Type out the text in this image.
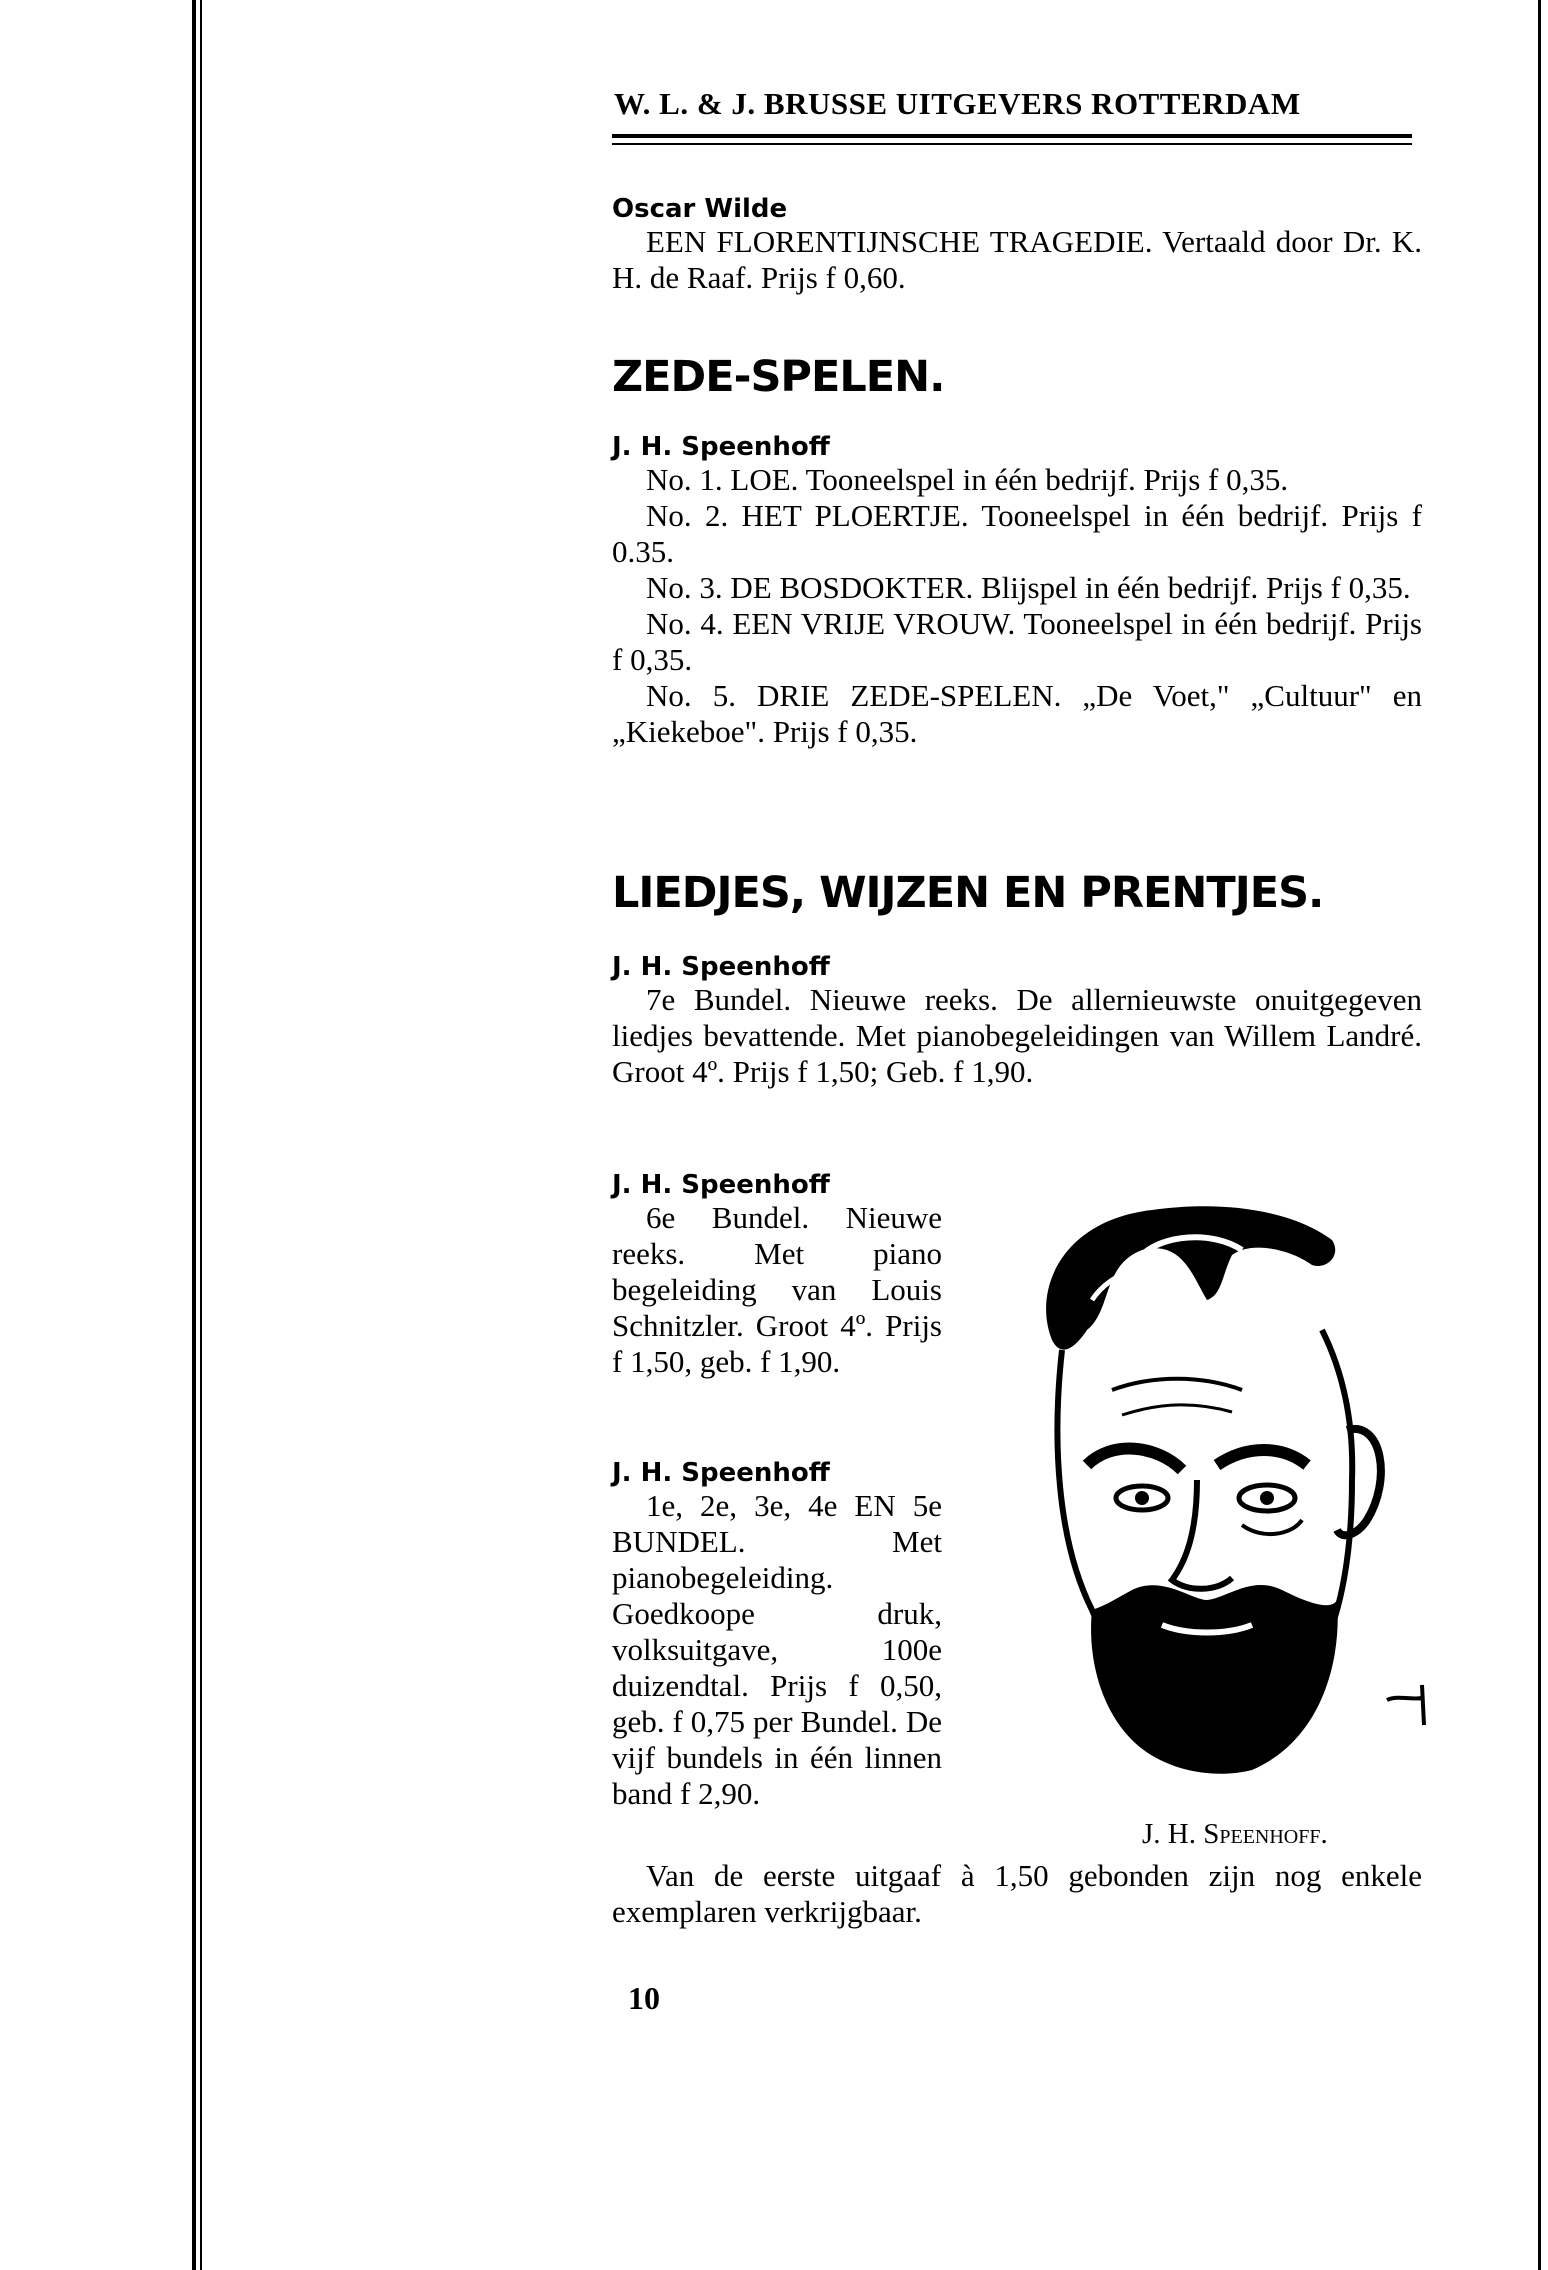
W. L. & J. BRUSSE UITGEVERS ROTTERDAM
Oscar Wilde
EEN FLORENTIJNSCHE TRAGEDIE. Vertaald door Dr. K. H. de Raaf. Prijs f 0,60.
ZEDE-SPELEN.
J. H. Speenhoff
No. 1. LOE. Tooneelspel in één bedrijf. Prijs f 0,35.
No. 2. HET PLOERTJE. Tooneelspel in één bedrijf. Prijs f 0.35.
No. 3. DE BOSDOKTER. Blijspel in één bedrijf. Prijs f 0,35.
No. 4. EEN VRIJE VROUW. Tooneelspel in één bedrijf. Prijs f 0,35.
No. 5. DRIE ZEDE-SPELEN. „De Voet," „Cultuur" en „Kiekeboe". Prijs f 0,35.
LIEDJES, WIJZEN EN PRENTJES.
J. H. Speenhoff
7e Bundel. Nieuwe reeks. De allernieuwste onuitgegeven liedjes bevattende. Met pianobegeleidingen van Willem Landré. Groot 4º. Prijs f 1,50; Geb. f 1,90.
J. H. Speenhoff
6e Bundel. Nieuwe reeks. Met piano begeleiding van Louis Schnitzler. Groot 4º. Prijs f 1,50, geb. f 1,90.
J. H. Speenhoff
1e, 2e, 3e, 4e EN 5e BUNDEL. Met pianobegeleiding. Goedkoope druk, volksuitgave, 100e duizendtal. Prijs f 0,50, geb. f 0,75 per Bundel. De vijf bundels in één linnen band f 2,90.
Van de eerste uitgaaf à 1,50 gebonden zijn nog enkele exemplaren verkrijgbaar.
J. H. Speenhoff.
10
